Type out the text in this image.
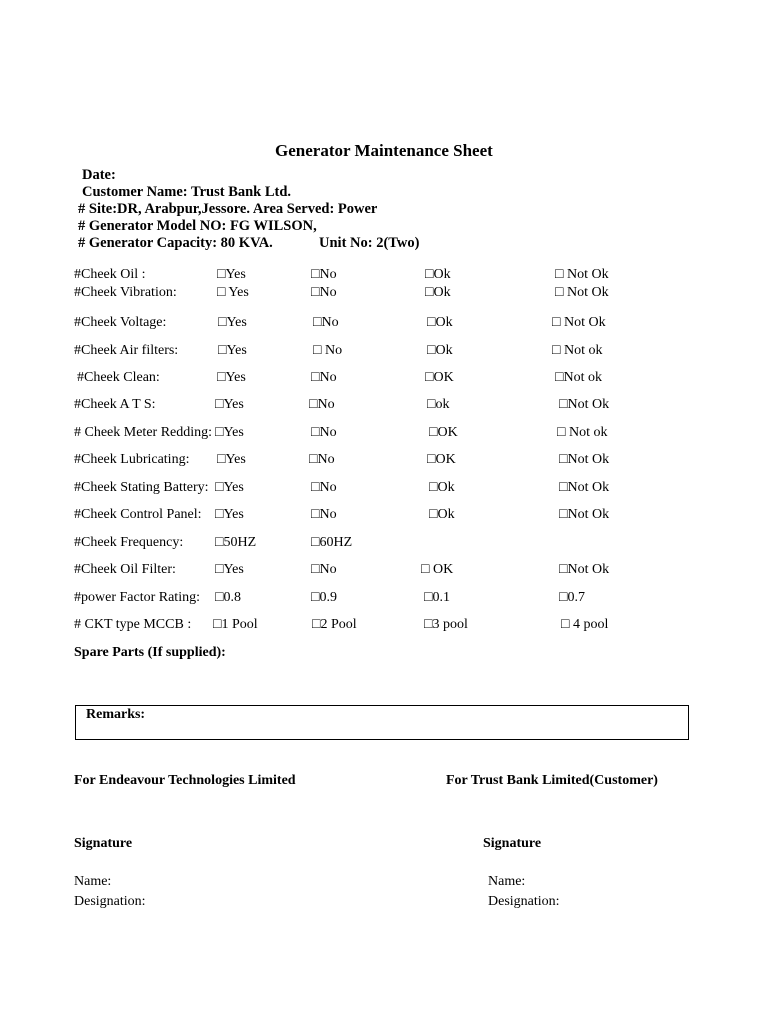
Generator Maintenance Sheet
Date:
Customer Name: Trust Bank Ltd.
# Site:DR, Arabpur,Jessore. Area Served: Power
# Generator Model NO: FG WILSON,
# Generator Capacity: 80 KVA.	Unit No: 2(Two)
#Cheek Oil :	□Yes	□No	□Ok	□ Not Ok
#Cheek Vibration:	□ Yes	□No	□Ok	□ Not Ok
#Cheek Voltage:	□Yes	□No	□Ok	□ Not Ok
#Cheek Air filters:	□Yes	□ No	□Ok	□ Not ok
#Cheek Clean:	□Yes	□No	□OK	□Not ok
#Cheek A T S:	□Yes	□No	□ok	□Not Ok
# Cheek Meter Redding: □Yes	□No	□OK	□ Not ok
#Cheek Lubricating: □Yes	□No	□OK	□Not Ok
#Cheek Stating Battery: □Yes	□No	□Ok	□Not Ok
#Cheek Control Panel: □Yes	□No	□Ok	□Not Ok
#Cheek Frequency: □50HZ	□60HZ
#Cheek Oil Filter:	□Yes	□No	□ OK	□Not Ok
#power Factor Rating: □0.8	□0.9	□0.1	□0.7
# CKT type MCCB : □1 Pool	□2 Pool	□3 pool	□ 4 pool
Spare Parts (If supplied):
Remarks:
For Endeavour Technologies Limited	For Trust Bank Limited(Customer)
Signature	Signature
Name:	Name:
Designation:	Designation:
